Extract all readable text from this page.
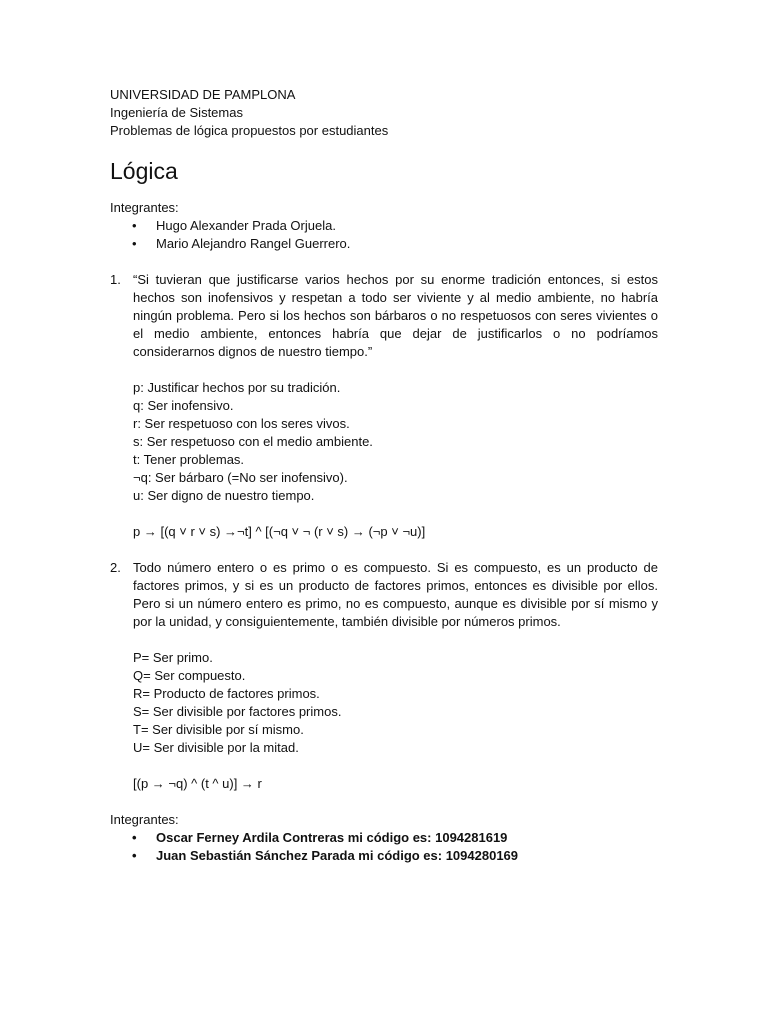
UNIVERSIDAD DE PAMPLONA
Ingeniería de Sistemas
Problemas de lógica propuestos por estudiantes
Lógica
Integrantes:
• Hugo Alexander Prada Orjuela.
• Mario Alejandro Rangel Guerrero.
1. “Si tuvieran que justificarse varios hechos por su enorme tradición entonces, si estos hechos son inofensivos y respetan a todo ser viviente y al medio ambiente, no habría ningún problema. Pero si los hechos son bárbaros o no respetuosos con seres vivientes o el medio ambiente, entonces habría que dejar de justificarlos o no podríamos considerarnos dignos de nuestro tiempo.”

p: Justificar hechos por su tradición.
q: Ser inofensivo.
r: Ser respetuoso con los seres vivos.
s: Ser respetuoso con el medio ambiente.
t: Tener problemas.
¬q: Ser bárbaro (=No ser inofensivo).
u: Ser digno de nuestro tiempo.
p → [(q ˅ r ˅ s) →¬t] ^ [(¬q ˅ ¬ (r ˅ s) → (¬p ˅ ¬u)]
2. Todo número entero o es primo o es compuesto. Si es compuesto, es un producto de factores primos, y si es un producto de factores primos, entonces es divisible por ellos. Pero si un número entero es primo, no es compuesto, aunque es divisible por sí mismo y por la unidad, y consiguientemente, también divisible por números primos.

P= Ser primo.
Q= Ser compuesto.
R= Producto de factores primos.
S= Ser divisible por factores primos.
T= Ser divisible por sí mismo.
U= Ser divisible por la mitad.
[(p → ¬q) ^ (t ^ u)] → r
Integrantes:
• Oscar Ferney Ardila Contreras mi código es: 1094281619
• Juan Sebastián Sánchez Parada mi código es: 1094280169
